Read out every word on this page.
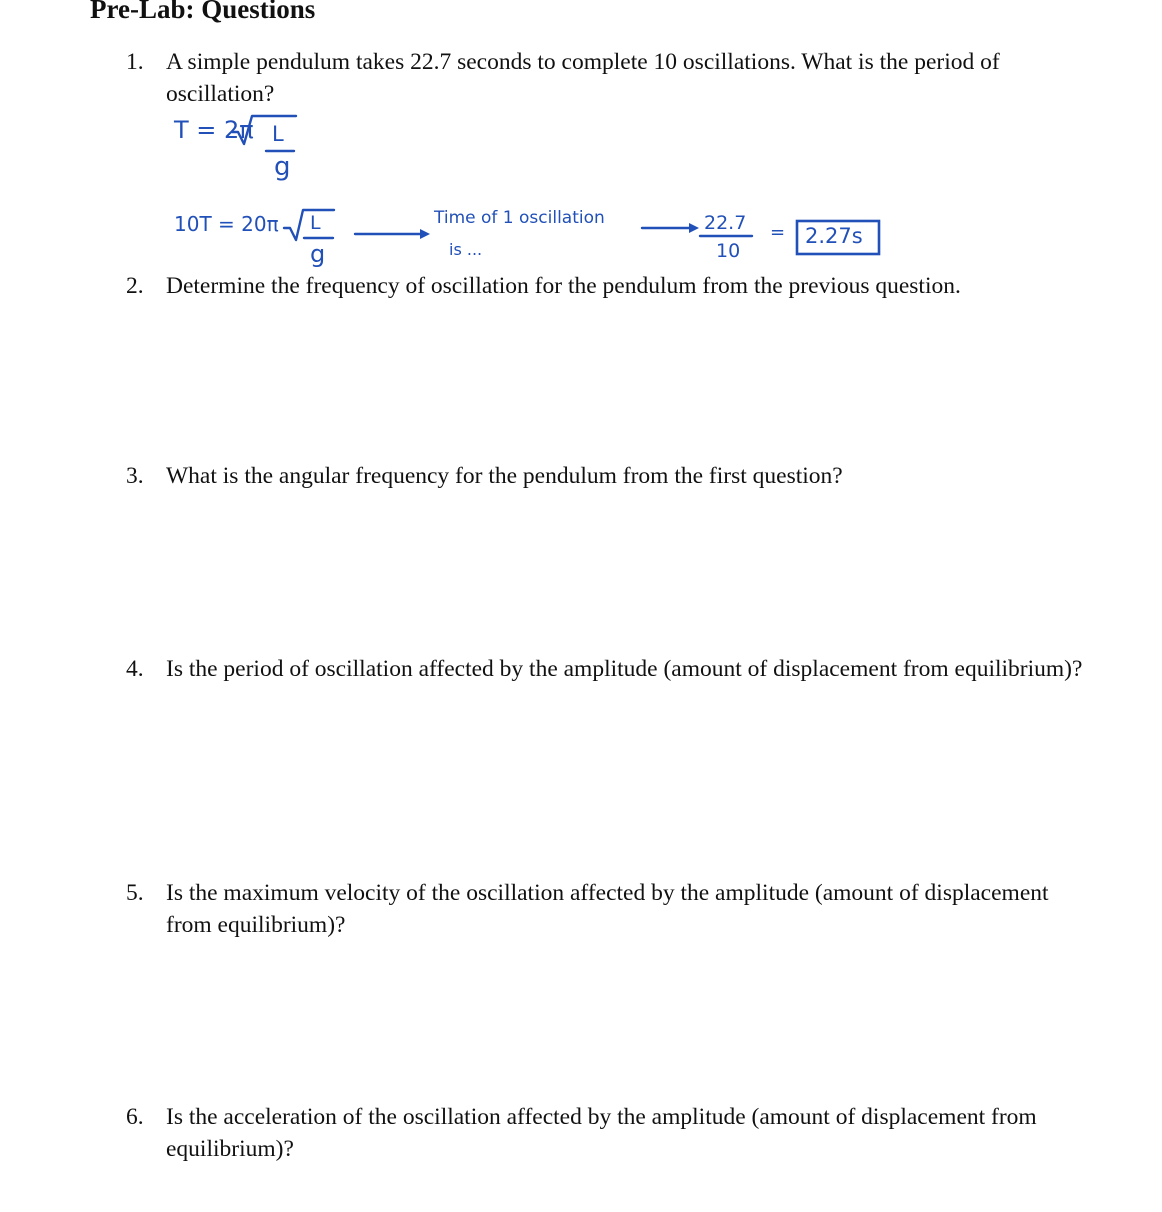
Pre-Lab: Questions
1. A simple pendulum takes 22.7 seconds to complete 10 oscillations. What is the period of oscillation?
T = 2π L
g
10T = 20π L
g
Time of 1 oscillation
is ...
22.7
10
= 2.27s
2. Determine the frequency of oscillation for the pendulum from the previous question.
3. What is the angular frequency for the pendulum from the first question?
4. Is the period of oscillation affected by the amplitude (amount of displacement from equilibrium)?
5. Is the maximum velocity of the oscillation affected by the amplitude (amount of displacement from equilibrium)?
6. Is the acceleration of the oscillation affected by the amplitude (amount of displacement from equilibrium)?
